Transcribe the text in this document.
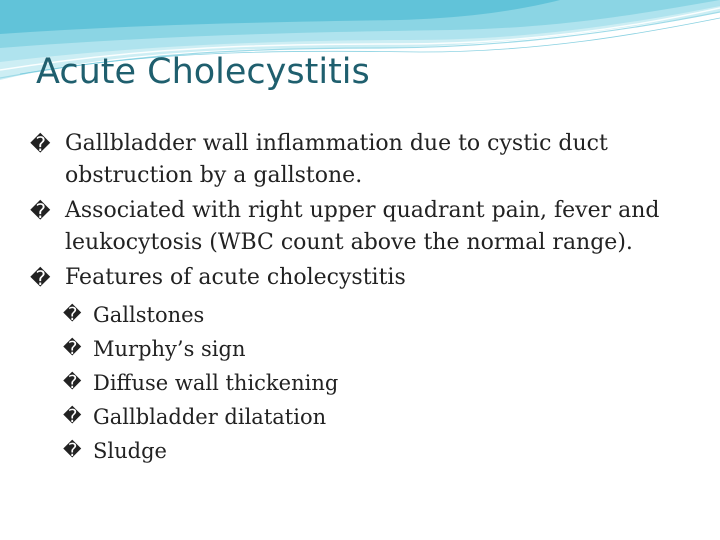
Acute Cholecystitis
� Gallbladder wall inflammation due to cystic duct obstruction by a gallstone.
� Associated with right upper quadrant pain, fever and leukocytosis (WBC count above the normal range).
� Features of acute cholecystitis
� Gallstones
� Murphy’s sign
� Diffuse wall thickening
� Gallbladder dilatation
� Sludge
